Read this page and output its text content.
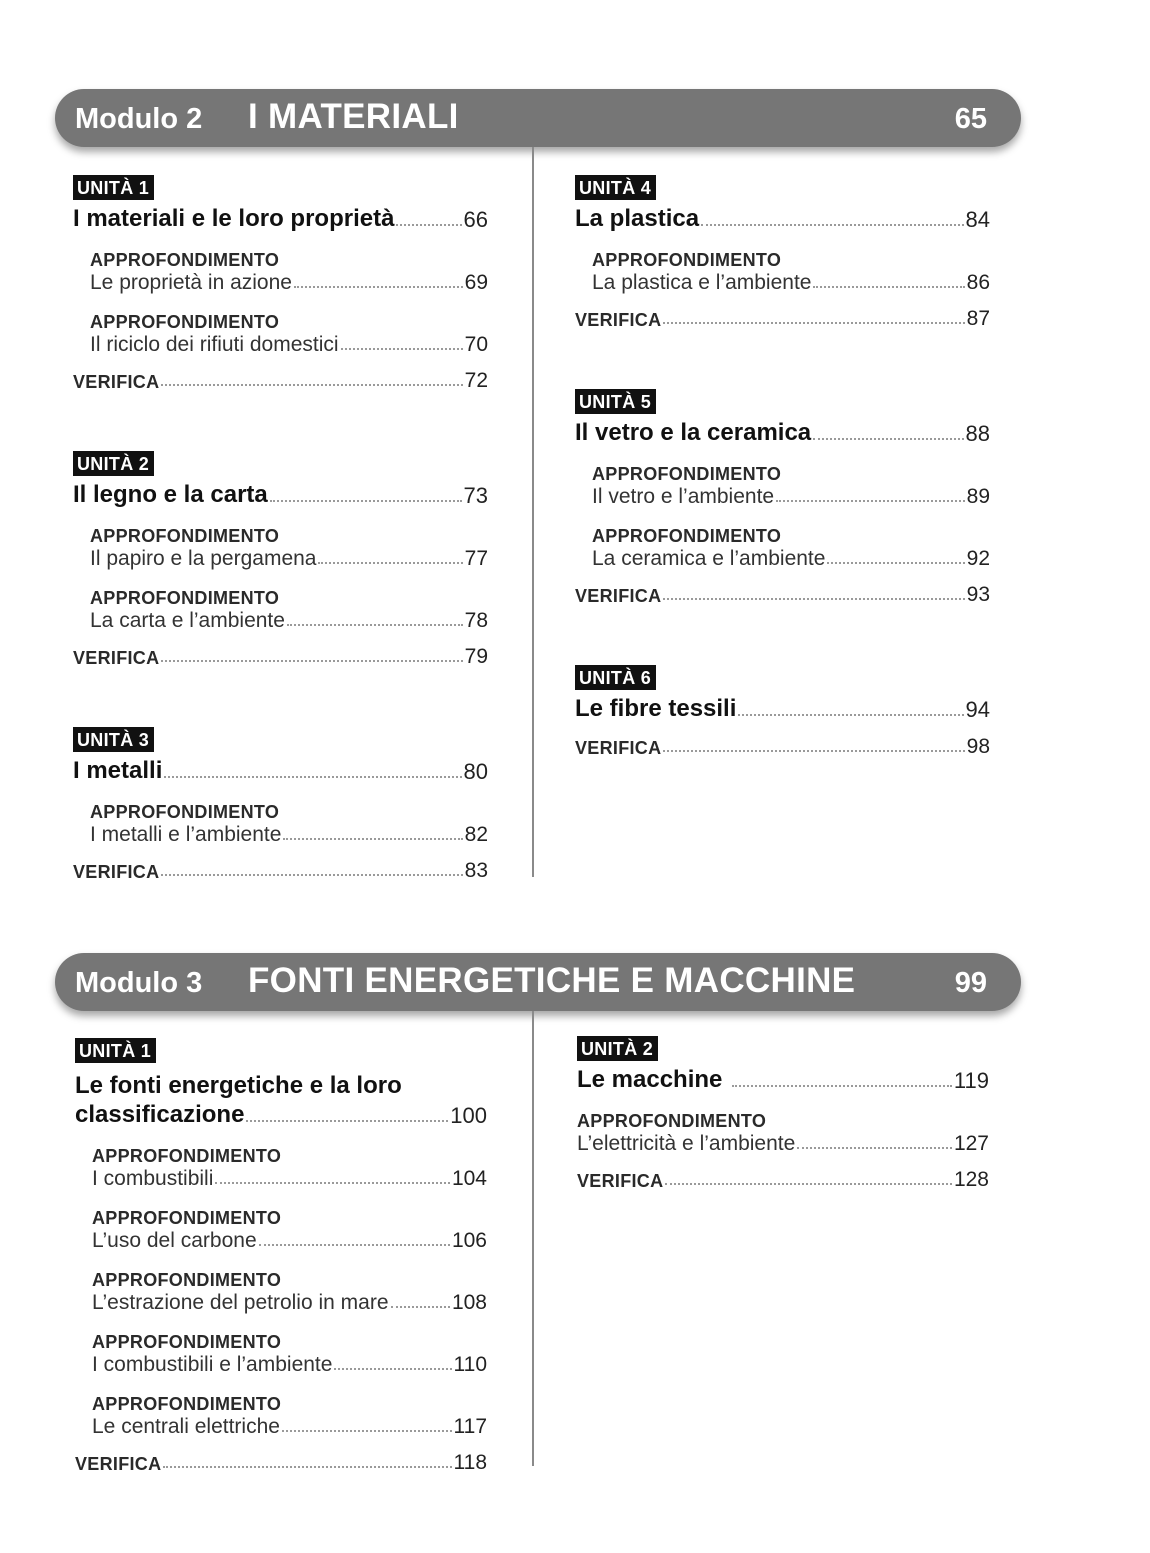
Modulo 2 I MATERIALI	65
UNITÀ 1
I materiali e le loro proprietà	66
APPROFONDIMENTO
Le proprietà in azione	69
APPROFONDIMENTO
Il riciclo dei rifiuti domestici	70
VERIFICA	72
UNITÀ 2
Il legno e la carta	73
APPROFONDIMENTO
Il papiro e la pergamena	77
APPROFONDIMENTO
La carta e l’ambiente	78
VERIFICA	79
UNITÀ 3
I metalli	80
APPROFONDIMENTO
I metalli e l’ambiente	82
VERIFICA	83
UNITÀ 4
La plastica	84
APPROFONDIMENTO
La plastica e l’ambiente	86
VERIFICA	87
UNITÀ 5
Il vetro e la ceramica	88
APPROFONDIMENTO
Il vetro e l’ambiente	89
APPROFONDIMENTO
La ceramica e l’ambiente	92
VERIFICA	93
UNITÀ 6
Le fibre tessili	94
VERIFICA	98
Modulo 3 FONTI ENERGETICHE E MACCHINE	99
UNITÀ 1
Le fonti energetiche e la loro
classificazione	100
APPROFONDIMENTO
I combustibili	104
APPROFONDIMENTO
L’uso del carbone	106
APPROFONDIMENTO
L’estrazione del petrolio in mare	108
APPROFONDIMENTO
I combustibili e l’ambiente	110
APPROFONDIMENTO
Le centrali elettriche	117
VERIFICA	118
UNITÀ 2
Le macchine	119
APPROFONDIMENTO
L’elettricità e l’ambiente	127
VERIFICA	128
